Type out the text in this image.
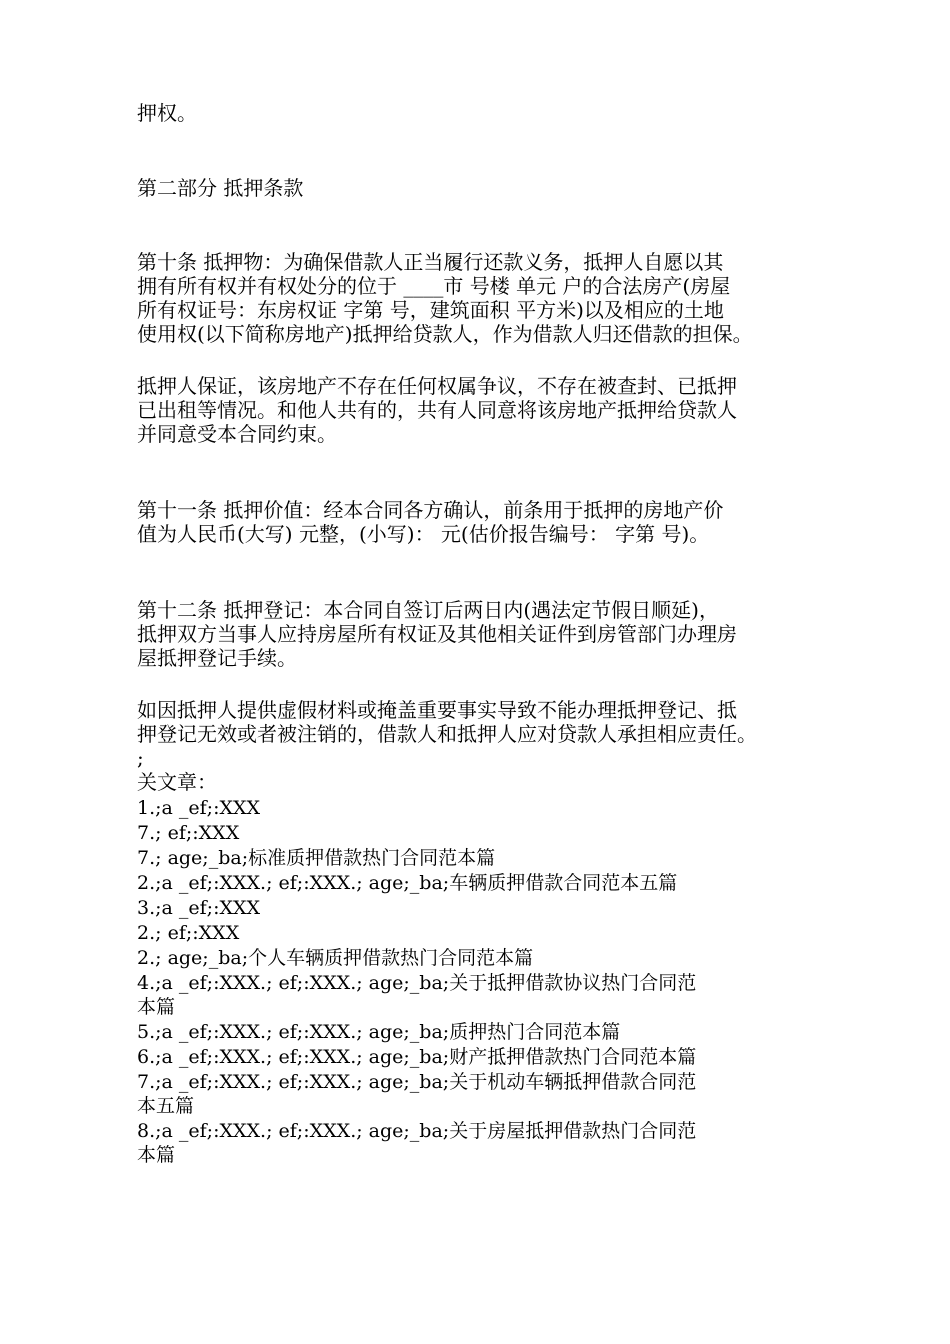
押权。
第二部分 抵押条款
第十条 抵押物：为确保借款人正当履行还款义务，抵押人自愿以其
拥有所有权并有权处分的位于 ____市 号楼 单元 户的合法房产(房屋
所有权证号：东房权证 字第 号，建筑面积 平方米)以及相应的土地
使用权(以下简称房地产)抵押给贷款人，作为借款人归还借款的担保。
抵押人保证，该房地产不存在任何权属争议，不存在被查封、已抵押
已出租等情况。和他人共有的，共有人同意将该房地产抵押给贷款人
并同意受本合同约束。
第十一条 抵押价值：经本合同各方确认，前条用于抵押的房地产价
值为人民币(大写) 元整，(小写)： 元(估价报告编号： 字第 号)。
第十二条 抵押登记：本合同自签订后两日内(遇法定节假日顺延)，
抵押双方当事人应持房屋所有权证及其他相关证件到房管部门办理房
屋抵押登记手续。
如因抵押人提供虚假材料或掩盖重要事实导致不能办理抵押登记、抵
押登记无效或者被注销的，借款人和抵押人应对贷款人承担相应责任。
;
关文章：
1.;a _ef;:XXX
7.; ef;:XXX
7.; age;_ba;标准质押借款热门合同范本篇
2.;a _ef;:XXX.; ef;:XXX.; age;_ba;车辆质押借款合同范本五篇
3.;a _ef;:XXX
2.; ef;:XXX
2.; age;_ba;个人车辆质押借款热门合同范本篇
4.;a _ef;:XXX.; ef;:XXX.; age;_ba;关于抵押借款协议热门合同范
本篇
5.;a _ef;:XXX.; ef;:XXX.; age;_ba;质押热门合同范本篇
6.;a _ef;:XXX.; ef;:XXX.; age;_ba;财产抵押借款热门合同范本篇
7.;a _ef;:XXX.; ef;:XXX.; age;_ba;关于机动车辆抵押借款合同范
本五篇
8.;a _ef;:XXX.; ef;:XXX.; age;_ba;关于房屋抵押借款热门合同范
本篇
